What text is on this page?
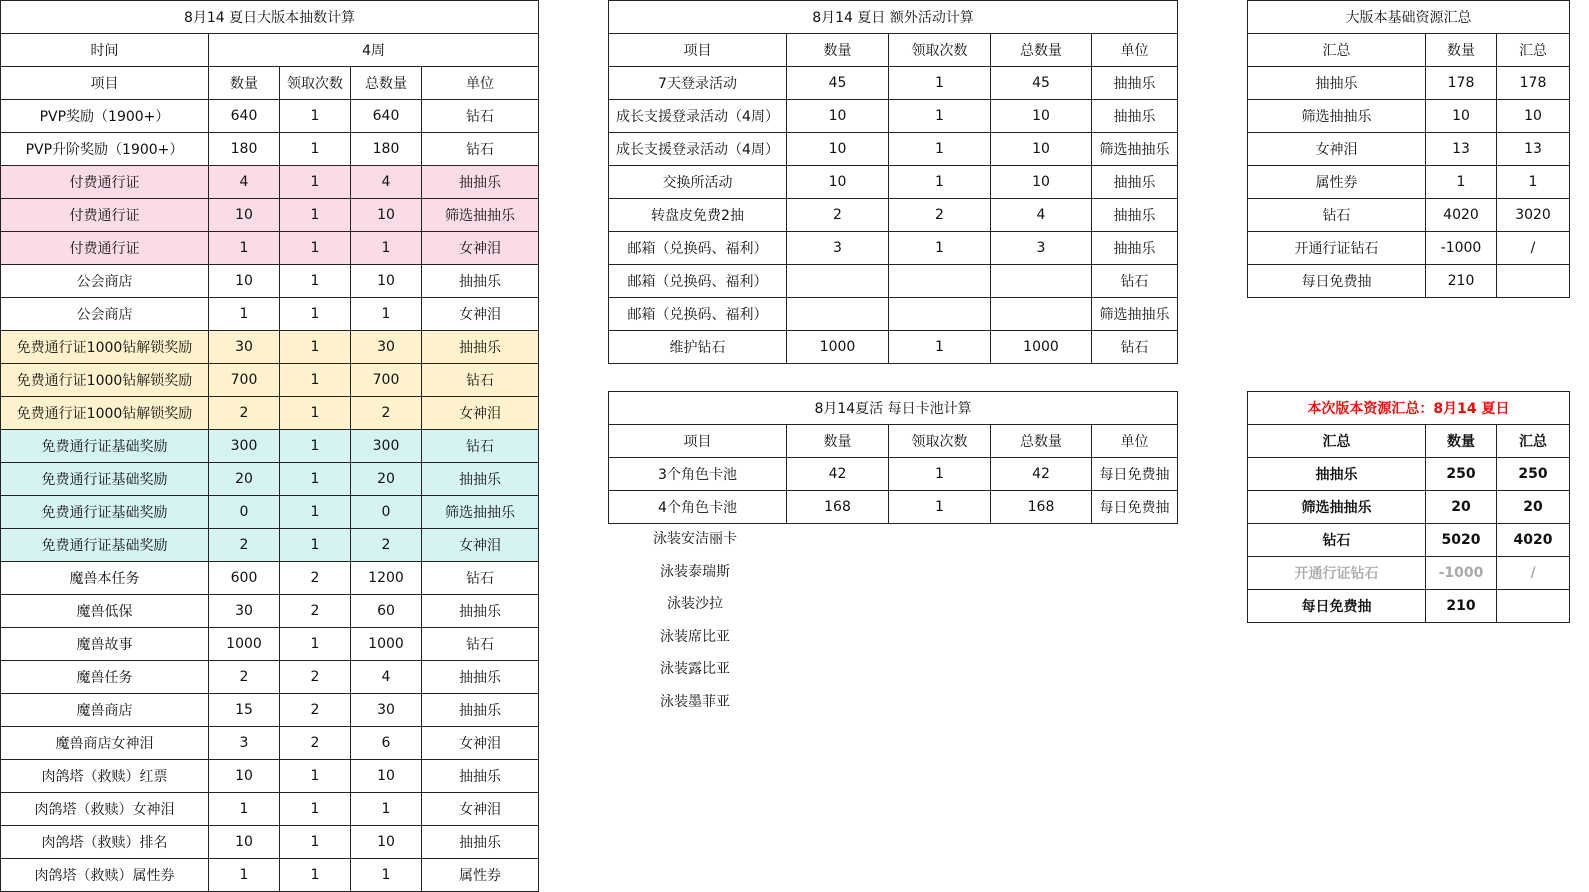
8月14 夏日大版本抽数计算				
时间	4周			
项目	数量	领取次数	总数量	单位
PVP奖励（1900+）	640	1	640	钻石
PVP升阶奖励（1900+）	180	1	180	钻石
付费通行证	4	1	4	抽抽乐
付费通行证	10	1	10	筛选抽抽乐
付费通行证	1	1	1	女神泪
公会商店	10	1	10	抽抽乐
公会商店	1	1	1	女神泪
免费通行证1000钻解锁奖励	30	1	30	抽抽乐
免费通行证1000钻解锁奖励	700	1	700	钻石
免费通行证1000钻解锁奖励	2	1	2	女神泪
免费通行证基础奖励	300	1	300	钻石
免费通行证基础奖励	20	1	20	抽抽乐
免费通行证基础奖励	0	1	0	筛选抽抽乐
免费通行证基础奖励	2	1	2	女神泪
魔兽本任务	600	2	1200	钻石
魔兽低保	30	2	60	抽抽乐
魔兽故事	1000	1	1000	钻石
魔兽任务	2	2	4	抽抽乐
魔兽商店	15	2	30	抽抽乐
魔兽商店女神泪	3	2	6	女神泪
肉鸽塔（救赎）红票	10	1	10	抽抽乐
肉鸽塔（救赎）女神泪	1	1	1	女神泪
肉鸽塔（救赎）排名	10	1	10	抽抽乐
肉鸽塔（救赎）属性券	1	1	1	属性券
8月14 夏日 额外活动计算				
项目	数量	领取次数	总数量	单位
7天登录活动	45	1	45	抽抽乐
成长支援登录活动（4周）	10	1	10	抽抽乐
成长支援登录活动（4周）	10	1	10	筛选抽抽乐
交换所活动	10	1	10	抽抽乐
转盘皮免费2抽	2	2	4	抽抽乐
邮箱（兑换码、福利）	3	1	3	抽抽乐
邮箱（兑换码、福利）				钻石
邮箱（兑换码、福利）				筛选抽抽乐
维护钻石	1000	1	1000	钻石
8月14夏活 每日卡池计算				
项目	数量	领取次数	总数量	单位
3个角色卡池	42	1	42	每日免费抽
4个角色卡池	168	1	168	每日免费抽
泳装安洁丽卡
泳装泰瑞斯
泳装沙拉
泳装席比亚
泳装露比亚
泳装墨菲亚
大版本基础资源汇总		
汇总	数量	汇总
抽抽乐	178	178
筛选抽抽乐	10	10
女神泪	13	13
属性券	1	1
钻石	4020	3020
开通行证钻石	-1000	/
每日免费抽	210	
本次版本资源汇总：8月14 夏日		
汇总	数量	汇总
抽抽乐	250	250
筛选抽抽乐	20	20
钻石	5020	4020
开通行证钻石	-1000	/
每日免费抽	210	
